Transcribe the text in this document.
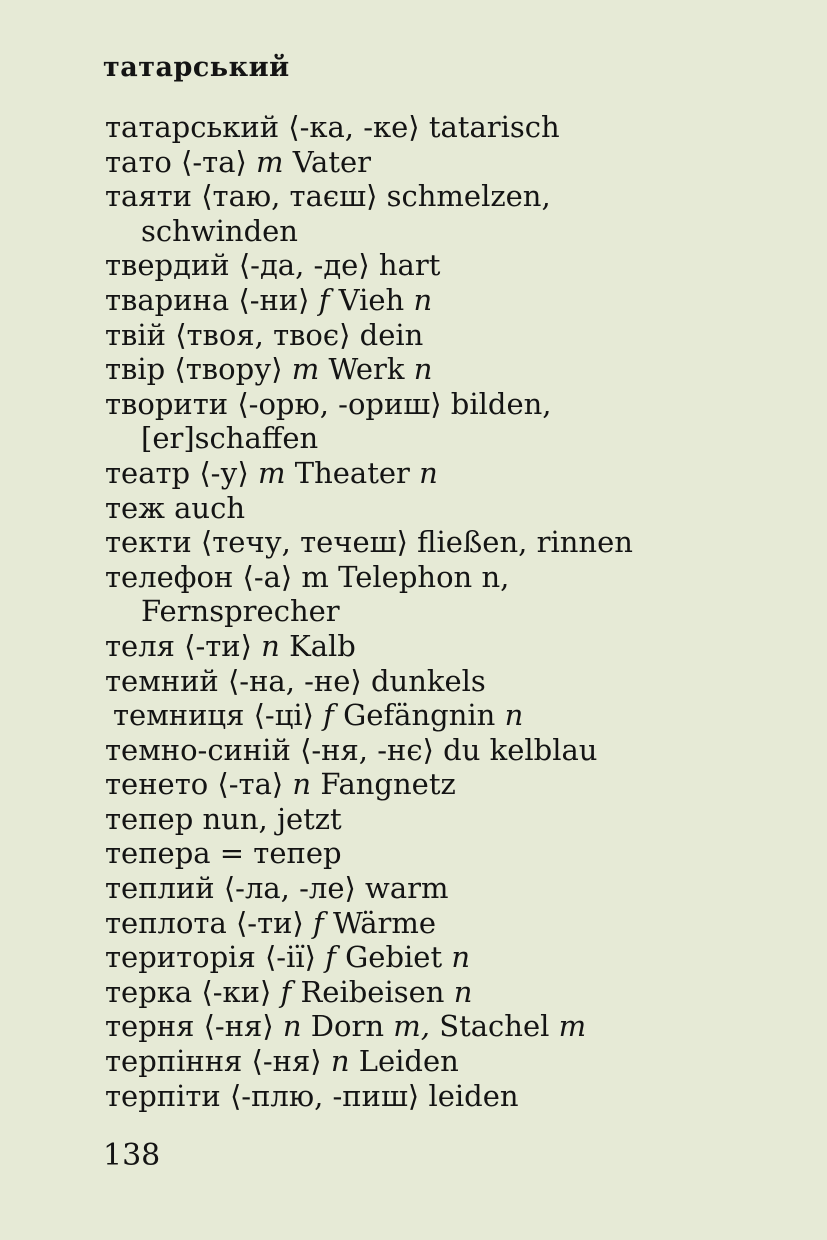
татарський
татарський ⟨-ка, -ке⟩ tatarisch
тато ⟨-та⟩ m Vater
таяти ⟨таю, таєш⟩ schmelzen,
schwinden
твердий ⟨-да, -де⟩ hart
тварина ⟨-ни⟩ f Vieh n
твій ⟨твоя, твоє⟩ dein
твір ⟨твору⟩ m Werk n
творити ⟨-орю, -ориш⟩ bilden,
[er]schaffen
театр ⟨-у⟩ m Theater n
теж auch
текти ⟨течу, течеш⟩ fließen, rinnen
телефон ⟨-а⟩ m Telephon n,
Fernsprecher
теля ⟨-ти⟩ n Kalb
темний ⟨-на, -не⟩ dunkels
темниця ⟨-ці⟩ f Gefängnin n
темно-синій ⟨-ня, -нє⟩ du kelblau
тенето ⟨-та⟩ n Fangnetz
тепер nun, jetzt
тепера = тепер
теплий ⟨-ла, -ле⟩ warm
теплота ⟨-ти⟩ f Wärme
територія ⟨-ії⟩ f Gebiet n
терка ⟨-ки⟩ f Reibeisen n
терня ⟨-ня⟩ n Dorn m, Stachel m
терпіння ⟨-ня⟩ n Leiden
терпіти ⟨-плю, -пиш⟩ leiden
138
